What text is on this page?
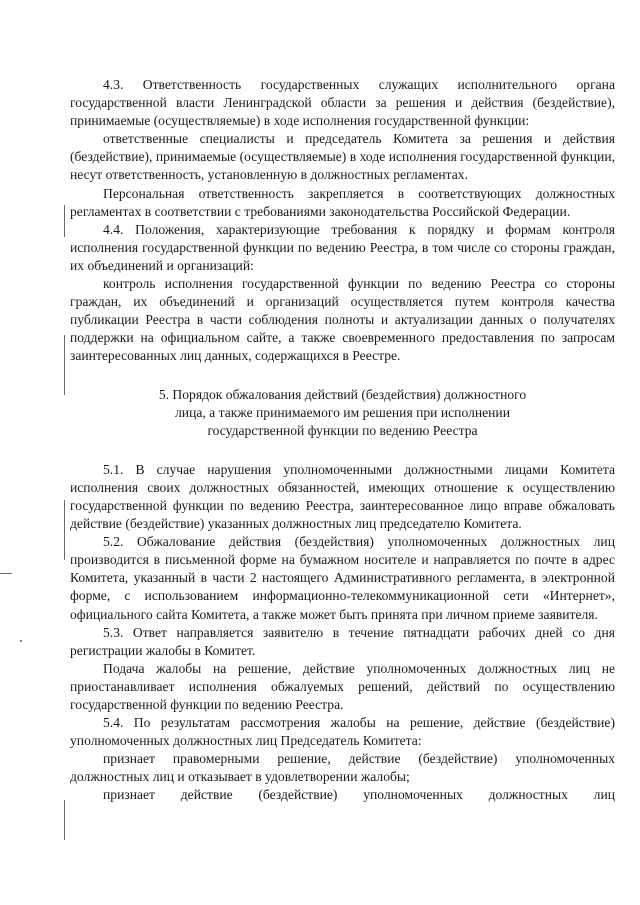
4.3. Ответственность государственных служащих исполнительного органа государственной власти Ленинградской области за решения и действия (бездействие), принимаемые (осуществляемые) в ходе исполнения государственной функции:

ответственные специалисты и председатель Комитета за решения и действия (бездействие), принимаемые (осуществляемые) в ходе исполнения государственной функции, несут ответственность, установленную в должностных регламентах.

Персональная ответственность закрепляется в соответствующих должностных регламентах в соответствии с требованиями законодательства Российской Федерации.

4.4. Положения, характеризующие требования к порядку и формам контроля исполнения государственной функции по ведению Реестра, в том числе со стороны граждан, их объединений и организаций:

контроль исполнения государственной функции по ведению Реестра со стороны граждан, их объединений и организаций осуществляется путем контроля качества публикации Реестра в части соблюдения полноты и актуализации данных о получателях поддержки на официальном сайте, а также своевременного предоставления по запросам заинтересованных лиц данных, содержащихся в Реестре.

5. Порядок обжалования действий (бездействия) должностного
лица, а также принимаемого им решения при исполнении
государственной функции по ведению Реестра

5.1. В случае нарушения уполномоченными должностными лицами Комитета исполнения своих должностных обязанностей, имеющих отношение к осуществлению государственной функции по ведению Реестра, заинтересованное лицо вправе обжаловать действие (бездействие) указанных должностных лиц председателю Комитета.

5.2. Обжалование действия (бездействия) уполномоченных должностных лиц производится в письменной форме на бумажном носителе и направляется по почте в адрес Комитета, указанный в части 2 настоящего Административного регламента, в электронной форме, с использованием информационно-телекоммуникационной сети «Интернет», официального сайта Комитета, а также может быть принята при личном приеме заявителя.

5.3. Ответ направляется заявителю в течение пятнадцати рабочих дней со дня регистрации жалобы в Комитет.

Подача жалобы на решение, действие уполномоченных должностных лиц не приостанавливает исполнения обжалуемых решений, действий по осуществлению государственной функции по ведению Реестра.

5.4. По результатам рассмотрения жалобы на решение, действие (бездействие) уполномоченных должностных лиц Председатель Комитета:

признает правомерными решение, действие (бездействие) уполномоченных должностных лиц и отказывает в удовлетворении жалобы;

признает действие (бездействие) уполномоченных должностных лиц
